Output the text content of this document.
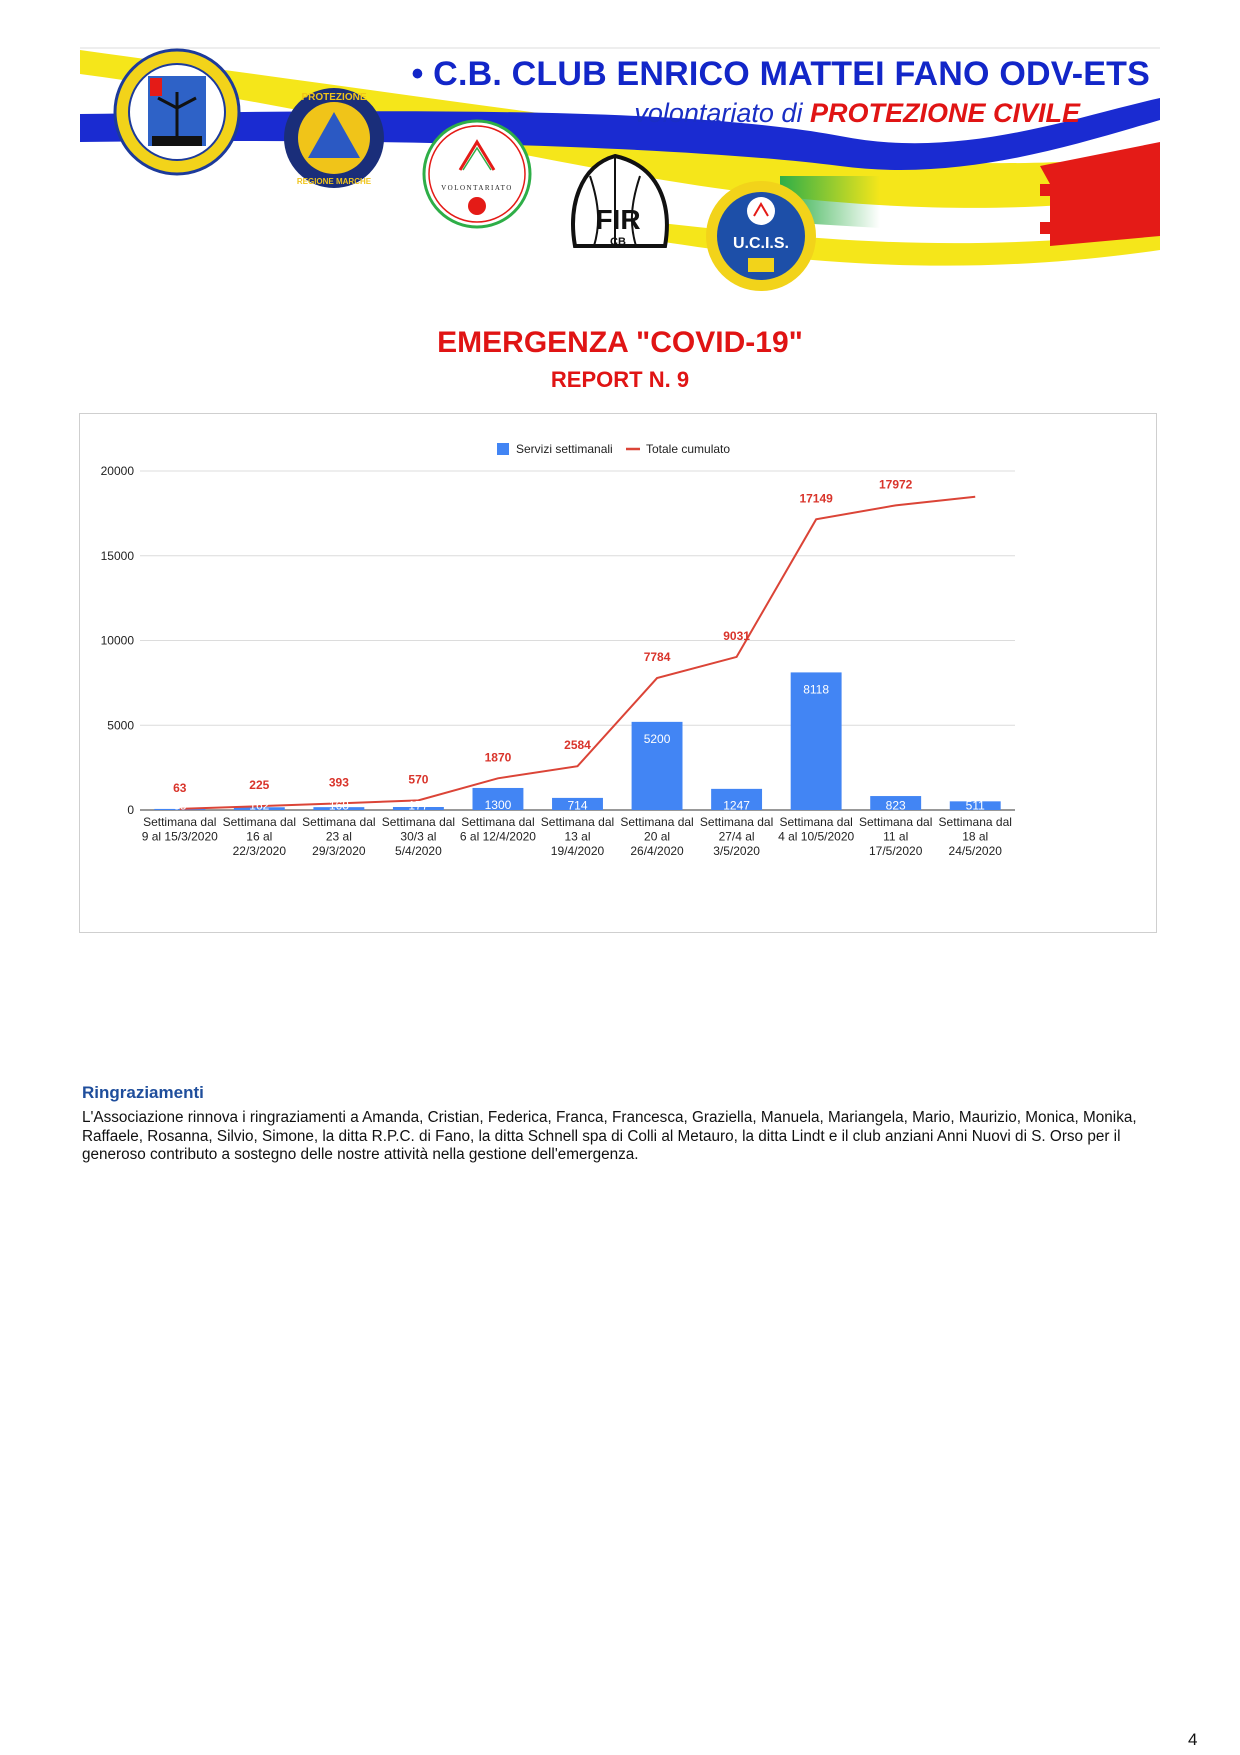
PROTEZIONE
REGIONE MARCHE
VOLONTARIATO
FIR
CB	U.C.I.S.
• C.B. CLUB ENRICO MATTEI FANO ODV-ETS
volontariato di PROTEZIONE CIVILE
EMERGENZA "COVID-19"
REPORT N. 9
0
5000
10000
15000
20000
63	162	168	177	1300	714
5200
1247
8118
823	511
63	225	393	570
1870
2584
7784
9031
17149
17972
Settimana dal
9 al 15/3/2020
Settimana dal
16 al
22/3/2020
Settimana dal
23 al
29/3/2020
Settimana dal
30/3 al
5/4/2020
Settimana dal
6 al 12/4/2020
Settimana dal
13 al
19/4/2020
Settimana dal
20 al
26/4/2020
Settimana dal
27/4 al
3/5/2020
Settimana dal
4 al 10/5/2020
Settimana dal
11 al
17/5/2020
Settimana dal
18 al
24/5/2020
Servizi settimanali	Totale cumulato
Ringraziamenti
L'Associazione rinnova i ringraziamenti a Amanda, Cristian, Federica, Franca, Francesca, Graziella, Manuela, Mariangela, Mario, Maurizio, Monica, Monika, Raffaele, Rosanna, Silvio, Simone, la ditta R.P.C. di Fano, la ditta Schnell spa di Colli al Metauro, la ditta Lindt e il club anziani Anni Nuovi di S. Orso per il generoso contributo a sostegno delle nostre attività nella gestione dell'emergenza.
4
